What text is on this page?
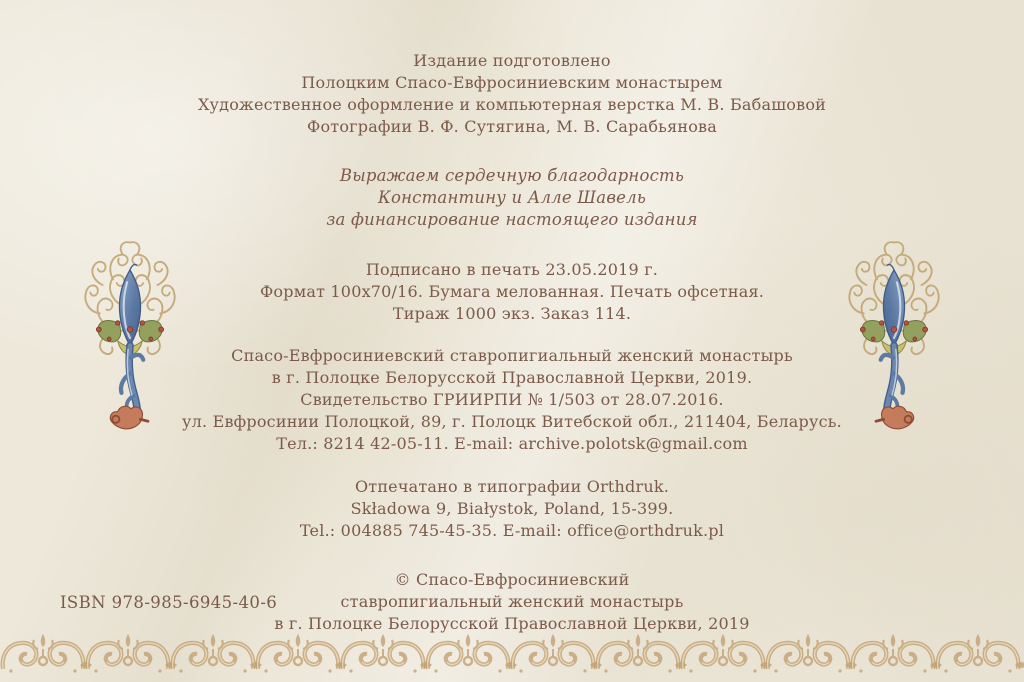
Издание подготовлено
Полоцким Спасо-Евфросиниевским монастырем
Художественное оформление и компьютерная верстка М. В. Бабашовой
Фотографии В. Ф. Сутягина, М. В. Сарабьянова
Выражаем сердечную благодарность
Константину и Алле Шавель
за финансирование настоящего издания
Подписано в печать 23.05.2019 г.
Формат 100х70/16. Бумага мелованная. Печать офсетная.
Тираж 1000 экз. Заказ 114.
Спасо-Евфросиниевский ставропигиальный женский монастырь
в г. Полоцке Белорусской Православной Церкви, 2019.
Свидетельство ГРИИРПИ № 1/503 от 28.07.2016.
ул. Евфросинии Полоцкой, 89, г. Полоцк Витебской обл., 211404, Беларусь.
Тел.: 8214 42-05-11. E-mail: archive.polotsk@gmail.com
Отпечатано в типографии Orthdruk.
Składowa 9, Białystok, Poland, 15-399.
Tel.: 004885 745-45-35. E-mail: office@orthdruk.pl
© Спасо-Евфросиниевский
ставропигиальный женский монастырь
в г. Полоцке Белорусской Православной Церкви, 2019
ISBN 978-985-6945-40-6
